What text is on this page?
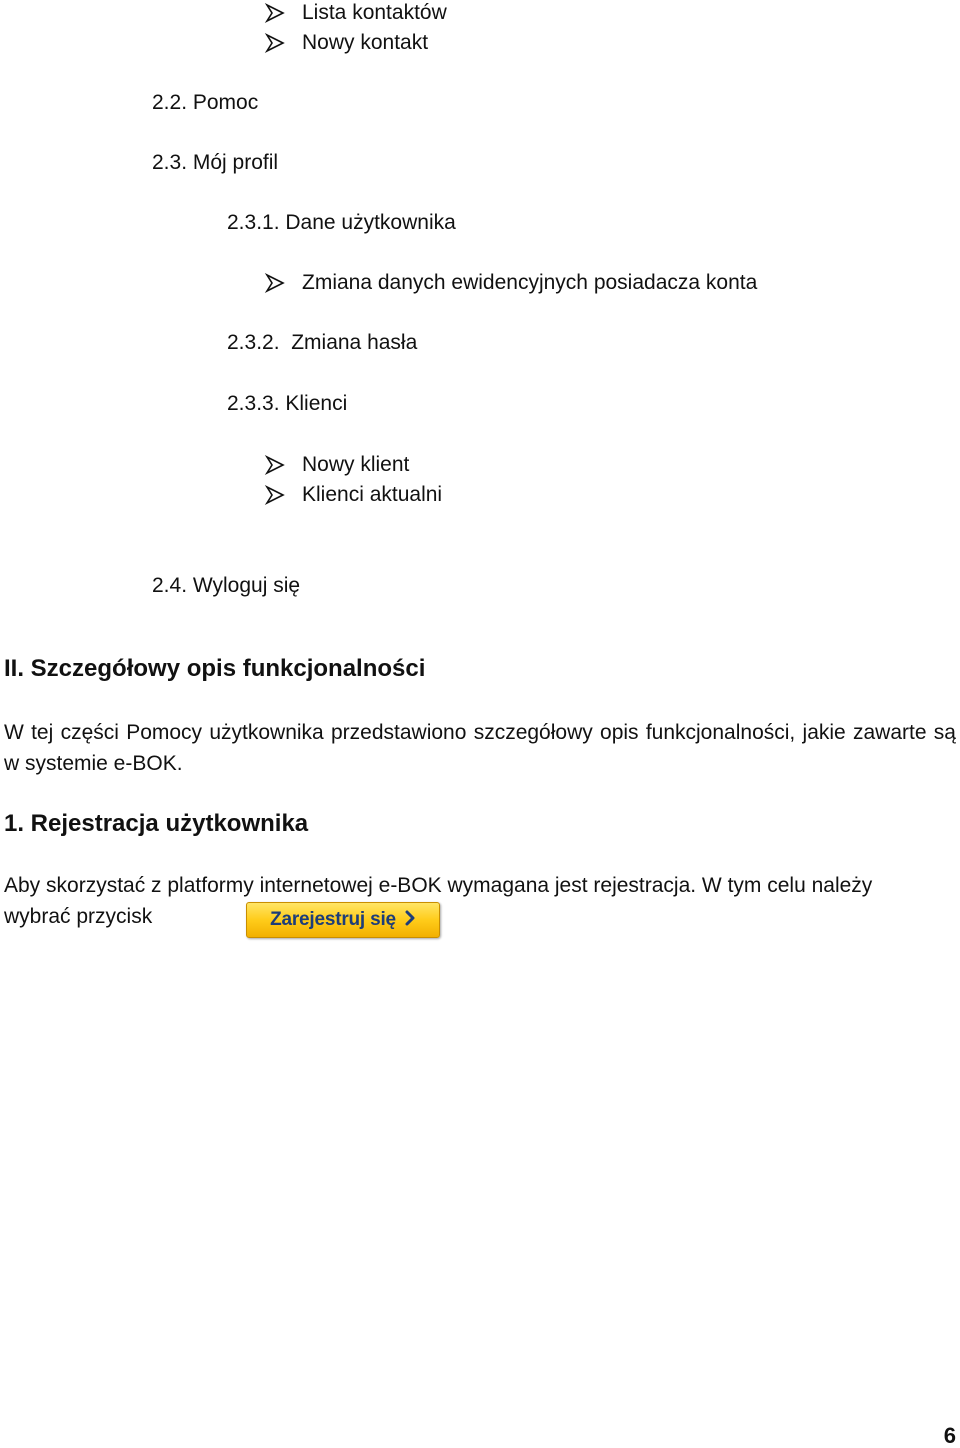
Lista kontaktów
Nowy kontakt
2.2. Pomoc
2.3. Mój profil
2.3.1. Dane użytkownika
Zmiana danych ewidencyjnych posiadacza konta
2.3.2.  Zmiana hasła
2.3.3. Klienci
Nowy klient
Klienci aktualni
2.4. Wyloguj się
II. Szczegółowy opis funkcjonalności
W tej części Pomocy użytkownika przedstawiono szczegółowy opis funkcjonalności, jakie zawarte są w systemie e-BOK.
1. Rejestracja użytkownika
Aby skorzystać z platformy internetowej e-BOK wymagana jest rejestracja. W tym celu należy
wybrać przycisk	Zarejestruj się
6
